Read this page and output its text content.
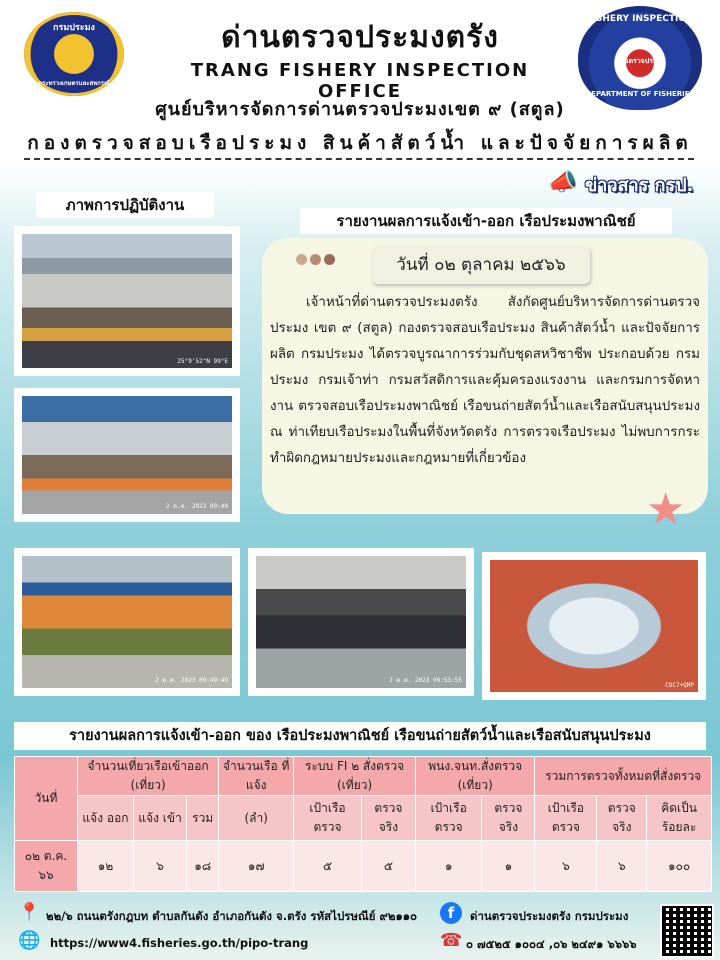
กรมประมง
กระทรวงเกษตรและสหกรณ์
ด่านตรวจประมงตรัง
TRANG FISHERY INSPECTION OFFICE
FISHERY INSPECTION
ด่านตรวจประมง
DEPARTMENT OF FISHERIES
ศูนย์บริหารจัดการด่านตรวจประมงเขต ๙ (สตูล)
กองตรวจสอบเรือประมง สินค้าสัตว์น้ำ และปัจจัยการผลิต
📣 ข่าวสาร กรป.
ภาพการปฏิบัติงาน
25°9'52"N 99°E
2 ต.ค. 2023 09:49
2 ต.ค. 2023 09:49:49	2 ต.ค. 2023 09:53:55
COC7+QMP
รายงานผลการแจ้งเข้า-ออก เรือประมงพาณิชย์
วันที่ ๐๒ ตุลาคม ๒๕๖๖
เจ้าหน้าที่ด่านตรวจประมงตรัง สังกัดศูนย์บริหารจัดการด่านตรวจประมง เขต ๙ (สตูล) กองตรวจสอบเรือประมง สินค้าสัตว์น้ำ และปัจจัยการผลิต กรมประมง ได้ตรวจบูรณาการร่วมกับชุดสหวิชาชีพ ประกอบด้วย กรมประมง กรมเจ้าท่า กรมสวัสดิการและคุ้มครองแรงงาน และกรมการจัดหางาน ตรวจสอบเรือประมงพาณิชย์ เรือขนถ่ายสัตว์น้ำและเรือสนับสนุนประมง ณ ท่าเทียบเรือประมงในพื้นที่จังหวัดตรัง การตรวจเรือประมง ไม่พบการกระทำผิดกฎหมายประมงและกฎหมายที่เกี่ยวข้อง
★
รายงานผลการแจ้งเข้า-ออก ของ เรือประมงพาณิชย์ เรือขนถ่ายสัตว์น้ำและเรือสนับสนุนประมง
วันที่	จำนวนเที่ยวเรือเข้าออก (เที่ยว)			จำนวนเรือ ที่แจ้ง	ระบบ FI ๒ สั่งตรวจ (เที่ยว)		พนง.จนท.สั่งตรวจ (เที่ยว)		รวมการตรวจทั้งหมดที่สั่งตรวจ		
	แจ้ง ออก	แจ้ง เข้า	รวม	(ลำ)	เป้าเรือ ตรวจ	ตรวจ จริง	เป้าเรือ ตรวจ	ตรวจ จริง	เป้าเรือ ตรวจ	ตรวจ จริง	คิดเป็น ร้อยละ
๐๒ ต.ค. ๖๖	๑๒	๖	๑๘	๑๗	๕	๕	๑	๑	๖	๖	๑๐๐
📍 ๒๒/๖ ถนนตรังกฎบท ตำบลกันตัง อำเภอกันตัง จ.ตรัง รหัสไปรษณีย์ ๙๒๑๑๐	f	ด่านตรวจประมงตรัง กรมประมง
🌐 https://www4.fisheries.go.th/pipo-trang	☎ ๐ ๗๕๒๕ ๑๐๐๔ ,๐๖ ๒๔๙๑ ๖๖๖๖
